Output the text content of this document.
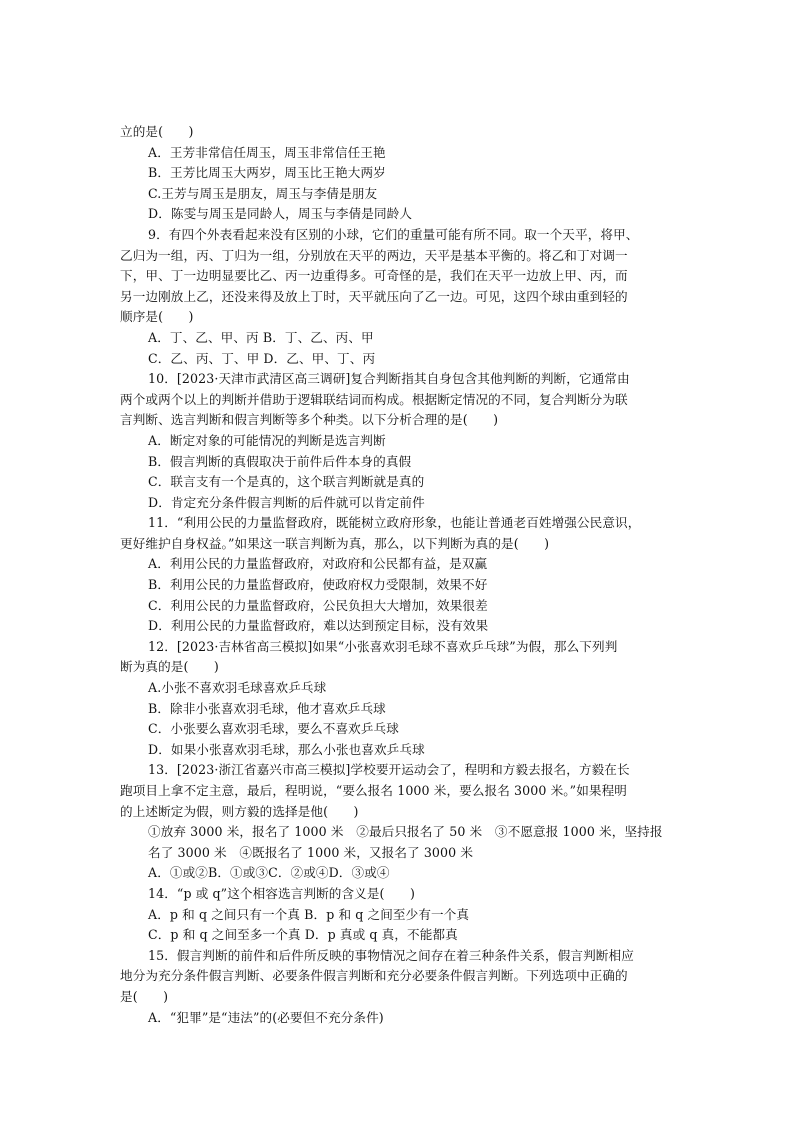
立的是(　　)
A．王芳非常信任周玉，周玉非常信任王艳
B．王芳比周玉大两岁，周玉比王艳大两岁
C.王芳与周玉是朋友，周玉与李倩是朋友
D．陈雯与周玉是同龄人，周玉与李倩是同龄人
9．有四个外表看起来没有区别的小球，它们的重量可能有所不同。取一个天平，将甲、
乙归为一组，丙、丁归为一组，分别放在天平的两边，天平是基本平衡的。将乙和丁对调一
下，甲、丁一边明显要比乙、丙一边重得多。可奇怪的是，我们在天平一边放上甲、丙，而
另一边刚放上乙，还没来得及放上丁时，天平就压向了乙一边。可见，这四个球由重到轻的
顺序是(　　)
A．丁、乙、甲、丙 B．丁、乙、丙、甲
C．乙、丙、丁、甲 D．乙、甲、丁、丙
10．[2023·天津市武清区高三调研]复合判断指其自身包含其他判断的判断，它通常由
两个或两个以上的判断并借助于逻辑联结词而构成。根据断定情况的不同，复合判断分为联
言判断、选言判断和假言判断等多个种类。以下分析合理的是(　　)
A．断定对象的可能情况的判断是选言判断
B．假言判断的真假取决于前件后件本身的真假
C．联言支有一个是真的，这个联言判断就是真的
D．肯定充分条件假言判断的后件就可以肯定前件
11．“利用公民的力量监督政府，既能树立政府形象，也能让普通老百姓增强公民意识，
更好维护自身权益。”如果这一联言判断为真，那么，以下判断为真的是(　　)
A．利用公民的力量监督政府，对政府和公民都有益，是双赢
B．利用公民的力量监督政府，使政府权力受限制，效果不好
C．利用公民的力量监督政府，公民负担大大增加，效果很差
D．利用公民的力量监督政府，难以达到预定目标，没有效果
12．[2023·吉林省高三模拟]如果“小张喜欢羽毛球不喜欢乒乓球”为假，那么下列判
断为真的是(　　)
A.小张不喜欢羽毛球喜欢乒乓球
B．除非小张喜欢羽毛球，他才喜欢乒乓球
C．小张要么喜欢羽毛球，要么不喜欢乒乓球
D．如果小张喜欢羽毛球，那么小张也喜欢乒乓球
13．[2023·浙江省嘉兴市高三模拟]学校要开运动会了，程明和方毅去报名，方毅在长
跑项目上拿不定主意，最后，程明说，“要么报名 1000 米，要么报名 3000 米。”如果程明
的上述断定为假，则方毅的选择是他(　　)
①放弃 3000 米，报名了 1000 米　②最后只报名了 50 米　③不愿意报 1000 米，坚持报
名了 3000 米　④既报名了 1000 米，又报名了 3000 米
A．①或②B．①或③C．②或④D．③或④
14．“p 或 q”这个相容选言判断的含义是(　　)
A．p 和 q 之间只有一个真 B．p 和 q 之间至少有一个真
C．p 和 q 之间至多一个真 D．p 真或 q 真，不能都真
15．假言判断的前件和后件所反映的事物情况之间存在着三种条件关系，假言判断相应
地分为充分条件假言判断、必要条件假言判断和充分必要条件假言判断。下列选项中正确的
是(　　)
A．“犯罪”是“违法”的(必要但不充分条件)
